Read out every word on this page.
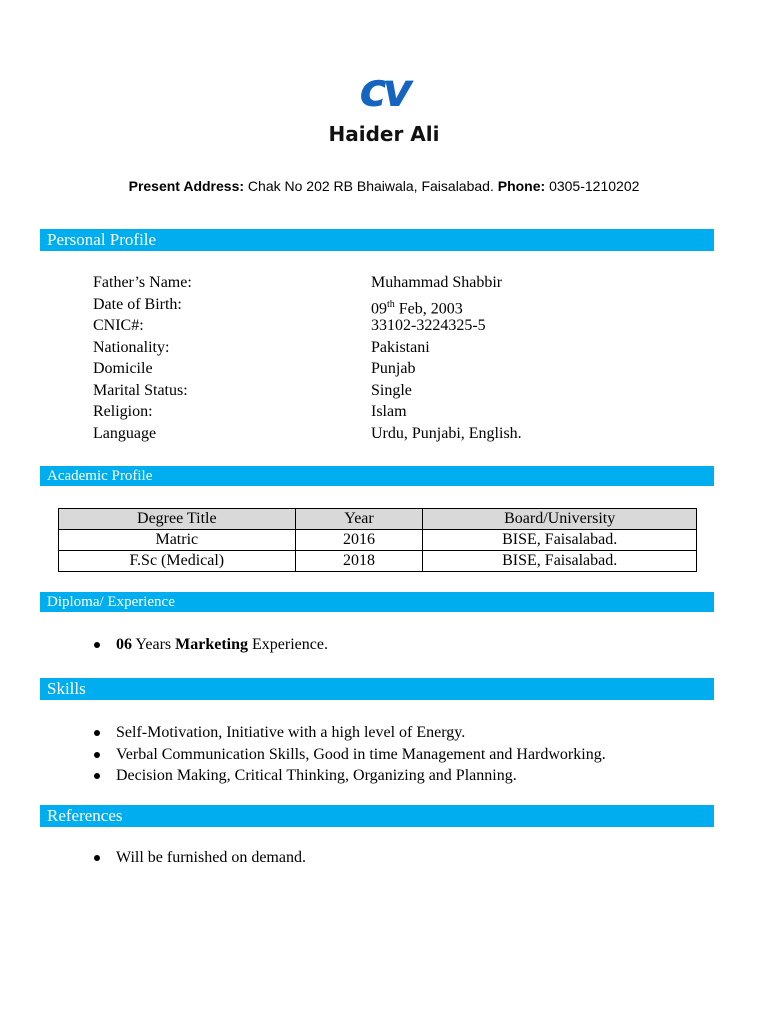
cv
Haider Ali
Present Address: Chak No 202 RB Bhaiwala, Faisalabad. Phone: 0305-1210202
Personal Profile
Father’s Name:	Muhammad Shabbir
Date of Birth:	09th Feb, 2003
CNIC#:	33102-3224325-5
Nationality:	Pakistani
Domicile	Punjab
Marital Status:	Single
Religion:	Islam
Language	Urdu, Punjabi, English.
Academic Profile
Degree Title	Year	Board/University
Matric	2016	BISE, Faisalabad.
F.Sc (Medical)	2018	BISE, Faisalabad.
Diploma/ Experience
06 Years Marketing Experience.
Skills
Self-Motivation, Initiative with a high level of Energy.
Verbal Communication Skills, Good in time Management and Hardworking.
Decision Making, Critical Thinking, Organizing and Planning.
References
Will be furnished on demand.
